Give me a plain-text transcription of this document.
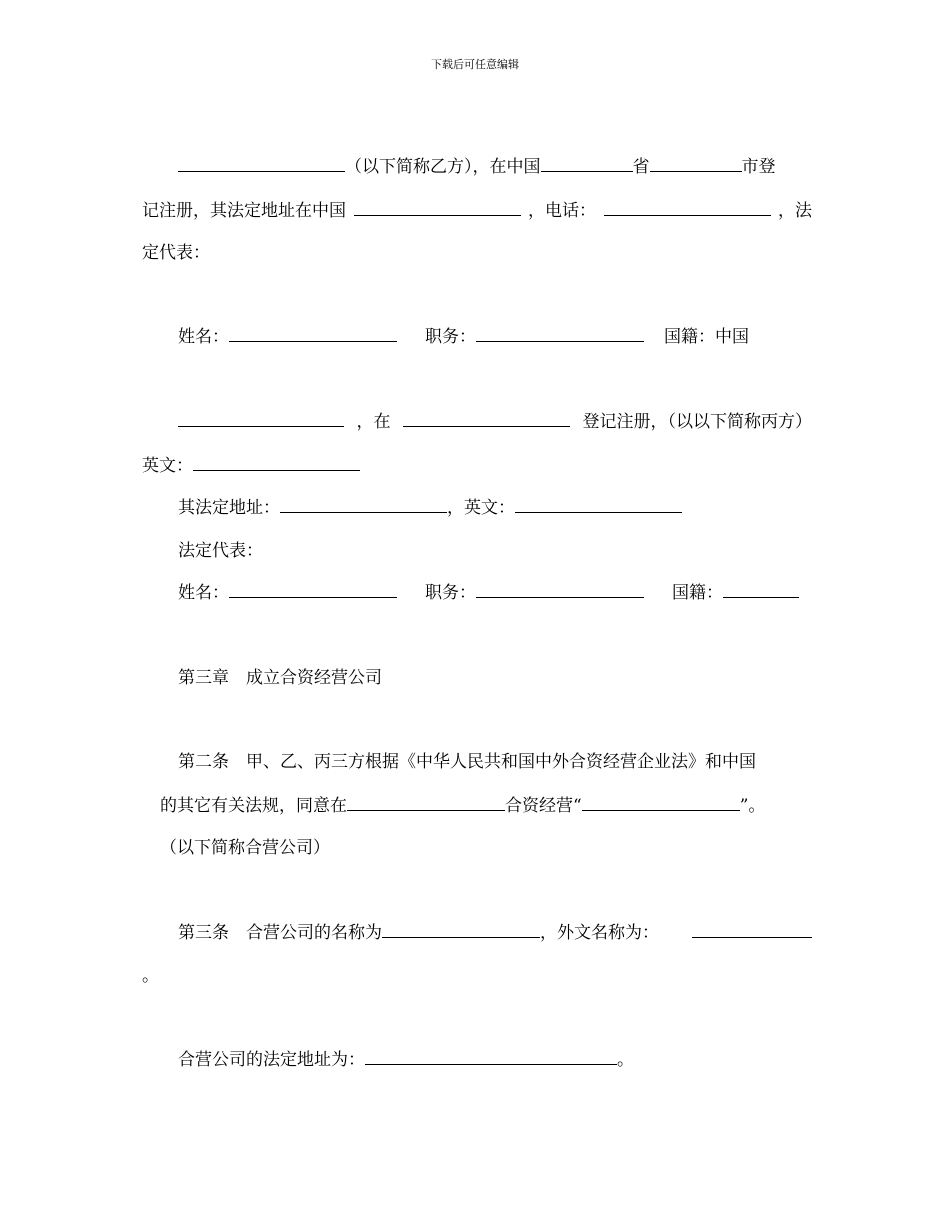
下载后可任意编辑
（以下简称乙方），在中国	省	市登
记注册，其法定地址在中国	，电话：	，法
定代表：
姓名：	职务：	国籍：中国
，在	登记注册，（以以下简称丙方）
英文：
其法定地址：	，英文：
法定代表：
姓名：	职务：	国籍：
第三章　成立合资经营公司
第二条　甲、乙、丙三方根据《中华人民共和国中外合资经营企业法》和中国
的其它有关法规，同意在	合资经营“	”。
（以下简称合营公司）
第三条　合营公司的名称为	，外文名称为：
。
合营公司的法定地址为：	。
